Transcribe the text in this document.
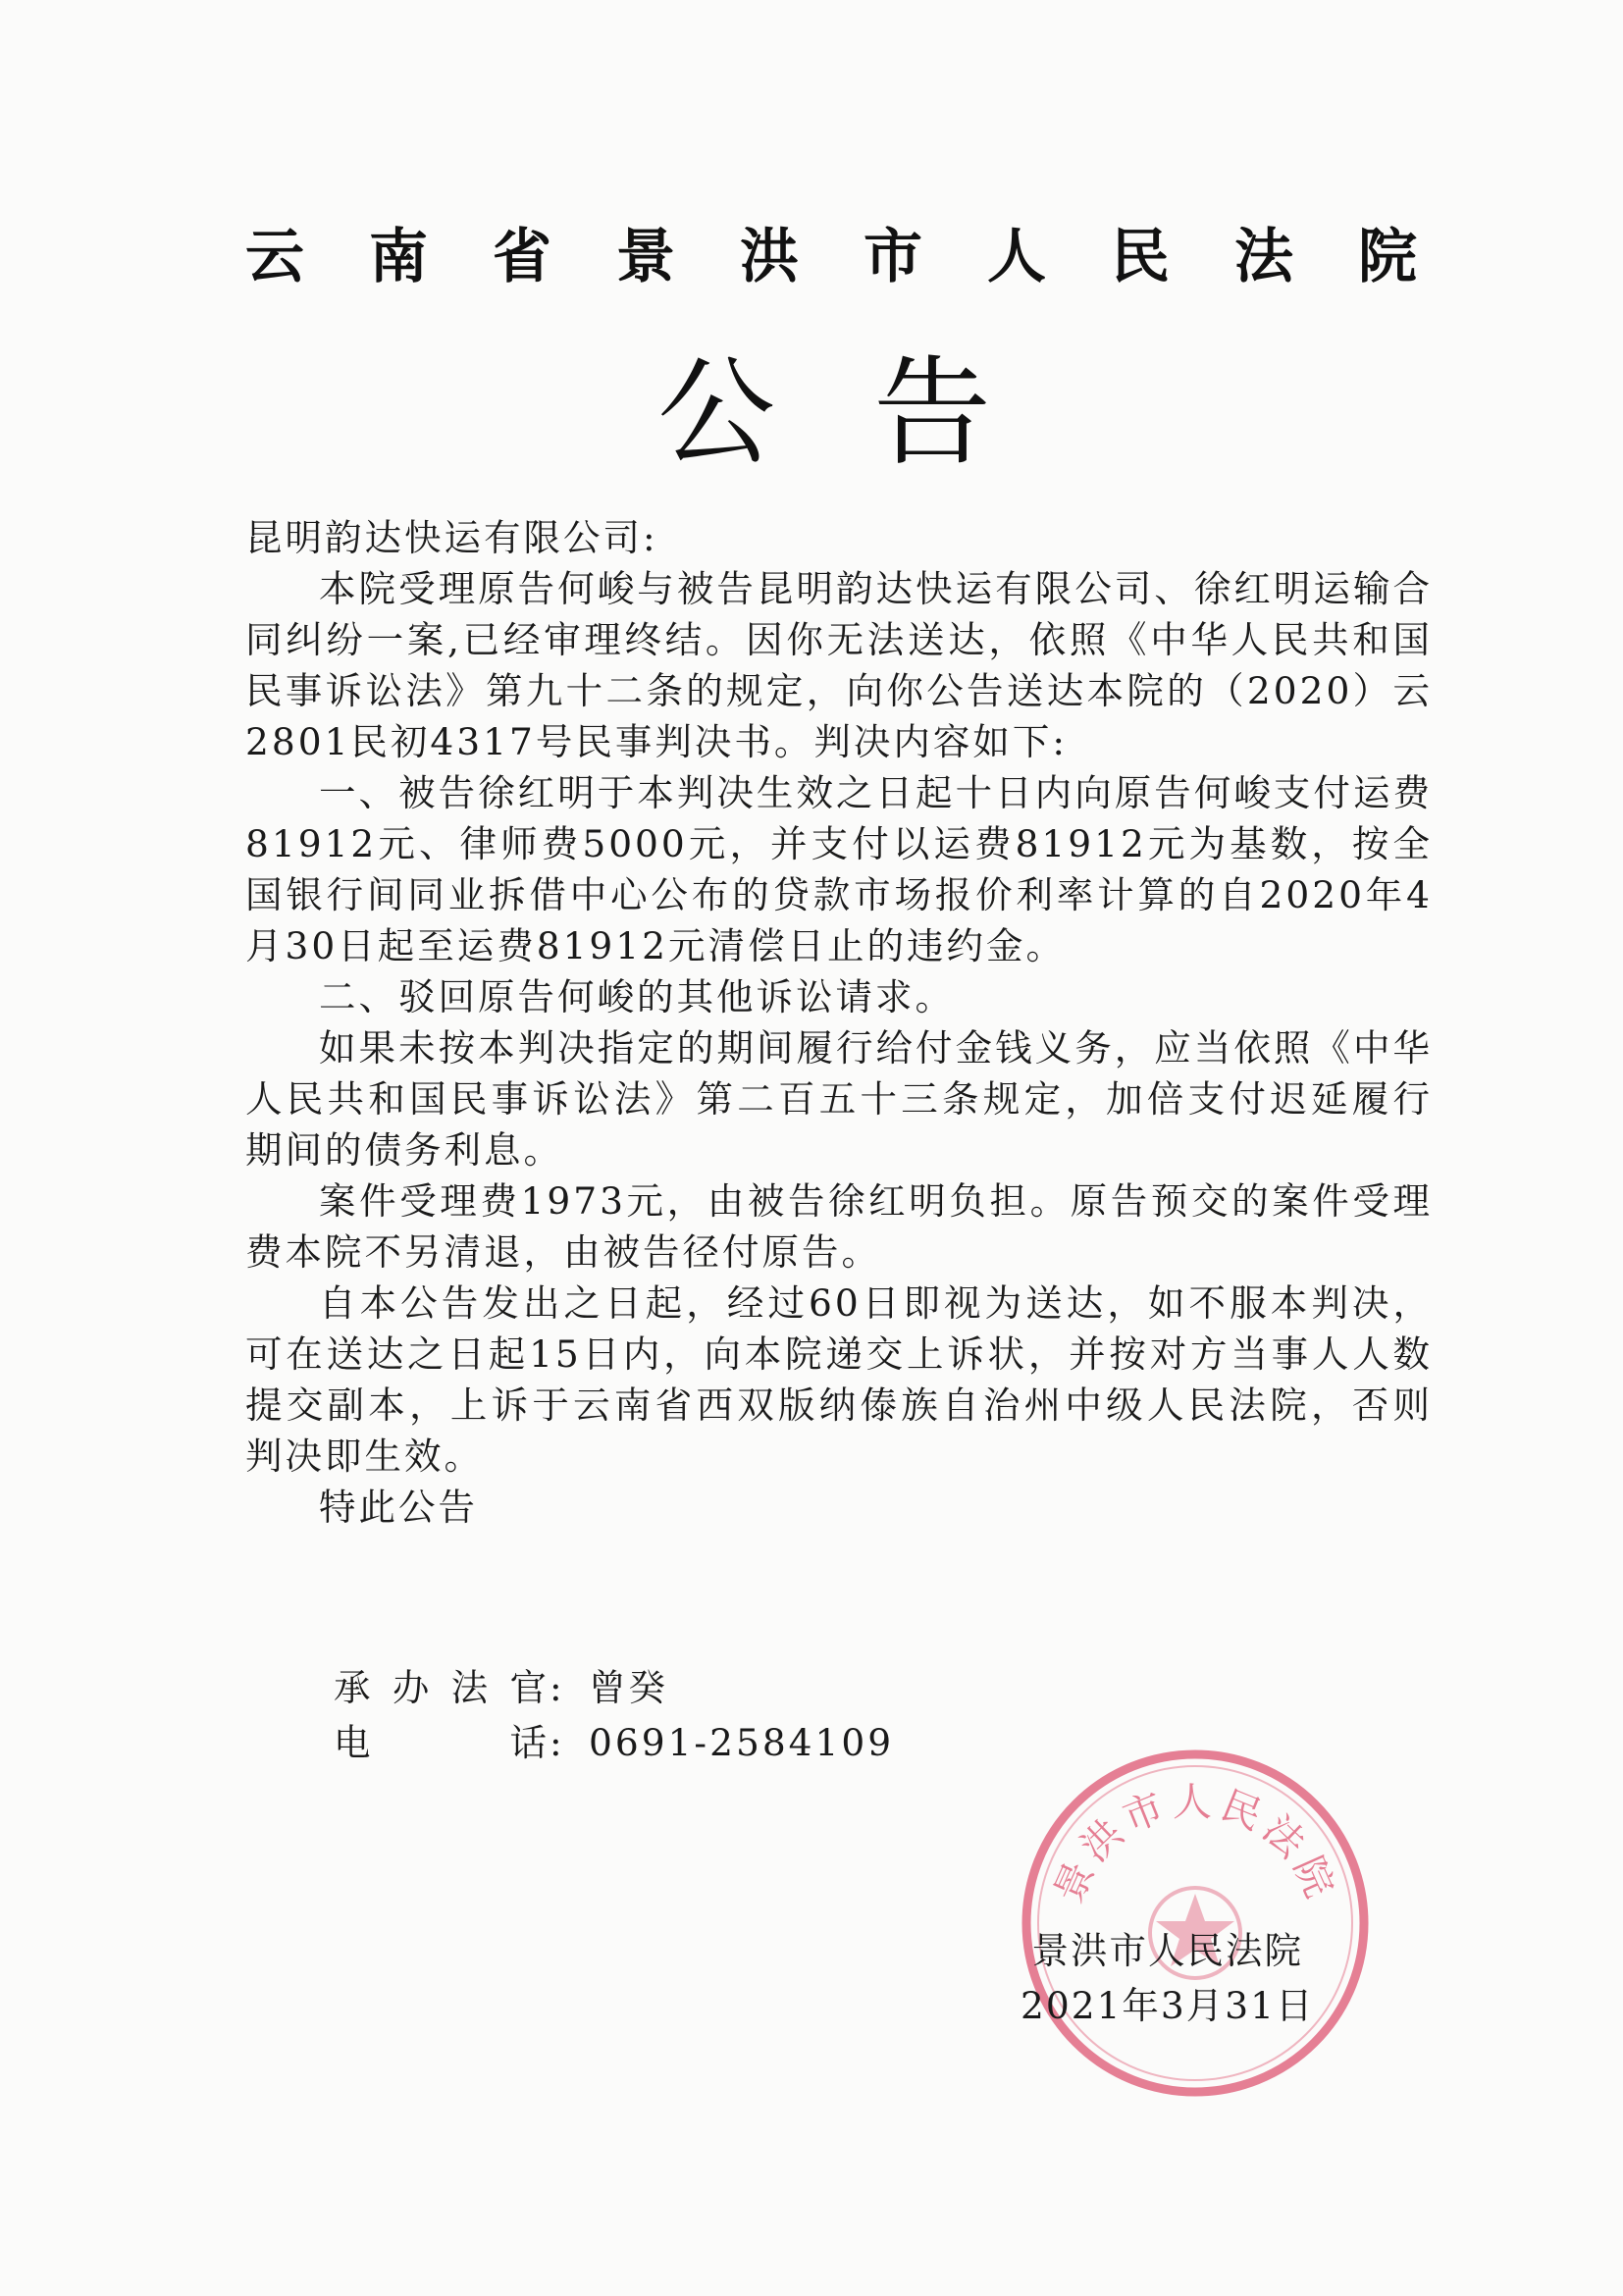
云南省景洪市人民法院
公告

昆明韵达快运有限公司:

本院受理原告何峻与被告昆明韵达快运有限公司、徐红明运输合同纠纷一案,已经审理终结。因你无法送达，依照《中华人民共和国民事诉讼法》第九十二条的规定，向你公告送达本院的（2020）云2801民初4317号民事判决书。判决内容如下:

一、被告徐红明于本判决生效之日起十日内向原告何峻支付运费81912元、律师费5000元，并支付以运费81912元为基数，按全国银行间同业拆借中心公布的贷款市场报价利率计算的自2020年4月30日起至运费81912元清偿日止的违约金。

二、驳回原告何峻的其他诉讼请求。

如果未按本判决指定的期间履行给付金钱义务，应当依照《中华人民共和国民事诉讼法》第二百五十三条规定，加倍支付迟延履行期间的债务利息。

案件受理费1973元，由被告徐红明负担。原告预交的案件受理费本院不另清退，由被告径付原告。

自本公告发出之日起，经过60日即视为送达，如不服本判决，可在送达之日起15日内，向本院递交上诉状，并按对方当事人人数提交副本，上诉于云南省西双版纳傣族自治州中级人民法院，否则判决即生效。

特此公告

承办法官 : 曾癸
电话 : 0691-2584109
景洪市人民法院
景洪市人民法院
2021年3月31日
